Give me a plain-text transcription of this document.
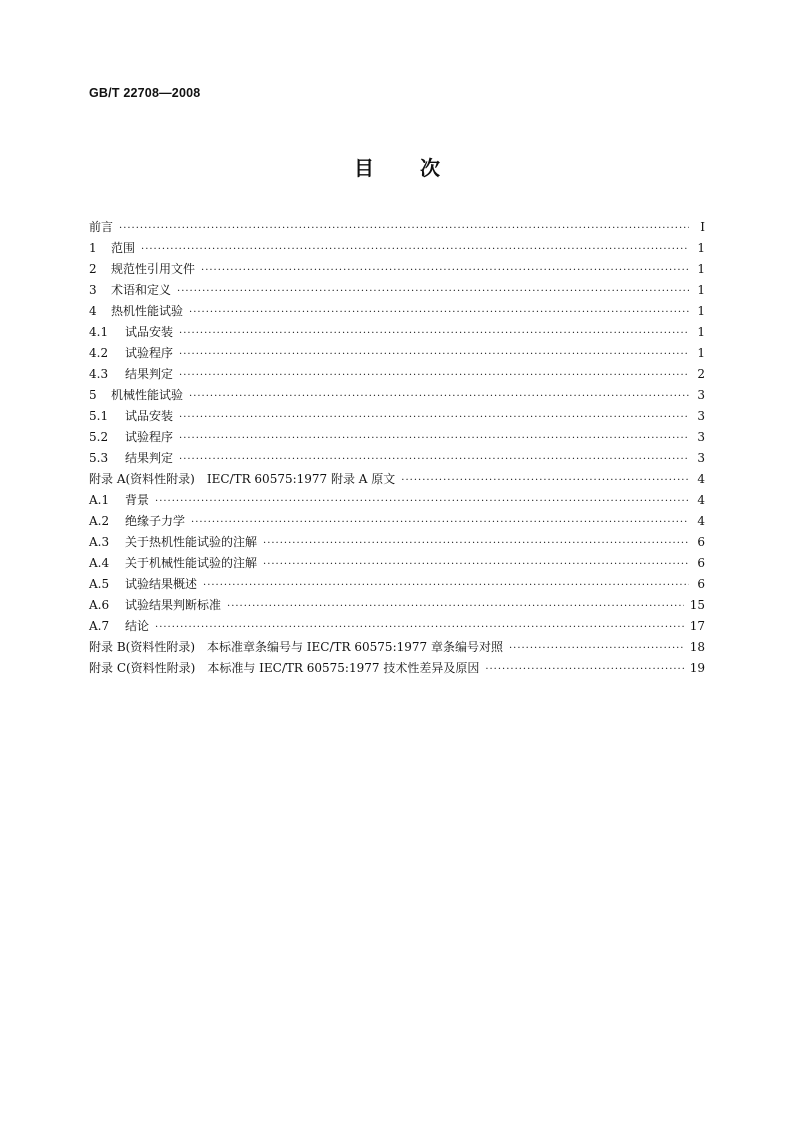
GB/T 22708—2008
目 次
前言 ·····	Ⅰ
1	范围 ·····	1
2	规范性引用文件 ·····	1
3	术语和定义 ·····	1
4	热机性能试验 ·····	1
4.1	试品安装 ·····	1
4.2	试验程序 ·····	1
4.3	结果判定 ·····	2
5	机械性能试验 ·····	3
5.1	试品安装 ·····	3
5.2	试验程序 ·····	3
5.3	结果判定 ·····	3
附录 A(资料性附录)　IEC/TR 60575:1977 附录 A 原文 ·····	4
A.1	背景 ·····	4
A.2	绝缘子力学 ·····	4
A.3	关于热机性能试验的注解 ·····	6
A.4	关于机械性能试验的注解 ·····	6
A.5	试验结果概述 ·····	6
A.6	试验结果判断标准 ·····	15
A.7	结论 ·····	17
附录 B(资料性附录)　本标准章条编号与 IEC/TR 60575:1977 章条编号对照 ·····	18
附录 C(资料性附录)　本标准与 IEC/TR 60575:1977 技术性差异及原因 ·····	19
